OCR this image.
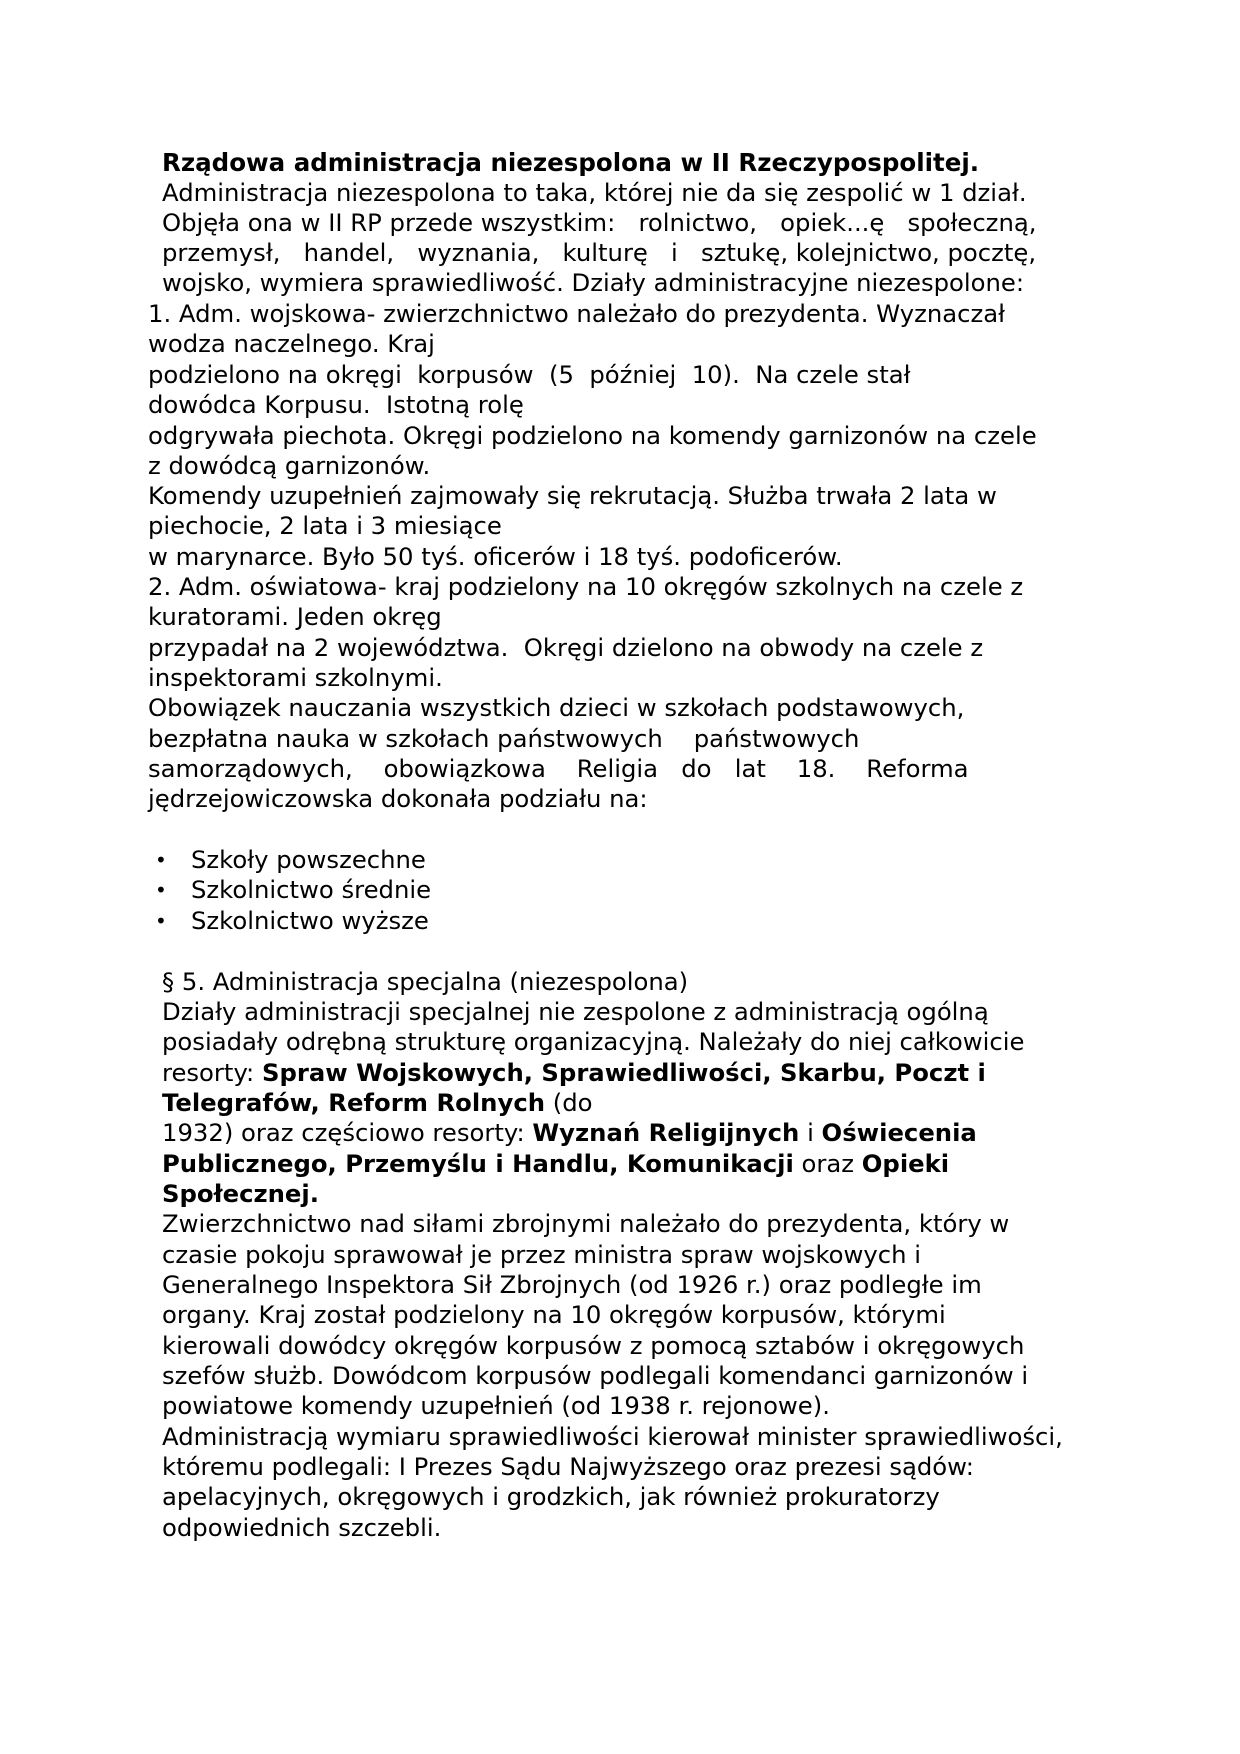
Rządowa administracja niezespolona w II Rzeczypospolitej.

Administracja niezespolona to taka, której nie da się zespolić w 1 dział.

Objęła ona w II RP przede wszystkim:   rolnictwo,   opiek...ę   społeczną,

przemysł,   handel,   wyznania,   kulturę   i   sztukę, kolejnictwo, pocztę,

wojsko, wymiera sprawiedliwość. Działy administracyjne niezespolone:

1. Adm. wojskowa- zwierzchnictwo należało do prezydenta. Wyznaczał

wodza naczelnego. Kraj

podzielono na okręgi  korpusów  (5  później  10).  Na czele stał

dowódca Korpusu.  Istotną rolę

odgrywała piechota. Okręgi podzielono na komendy garnizonów na czele

z dowódcą garnizonów.

Komendy uzupełnień zajmowały się rekrutacją. Służba trwała 2 lata w

piechocie, 2 lata i 3 miesiące

w marynarce. Było 50 tyś. oficerów i 18 tyś. podoficerów.

2. Adm. oświatowa- kraj podzielony na 10 okręgów szkolnych na czele z

kuratorami. Jeden okręg

przypadał na 2 województwa.  Okręgi dzielono na obwody na czele z

inspektorami szkolnymi.

Obowiązek nauczania wszystkich dzieci w szkołach podstawowych,

bezpłatna nauka w szkołach państwowych    państwowych

samorządowych,    obowiązkowa    Religia   do   lat    18.    Reforma

jędrzejowiczowska dokonała podziału na:

• Szkoły powszechne

• Szkolnictwo średnie

• Szkolnictwo wyższe

§ 5. Administracja specjalna (niezespolona)

Działy administracji specjalnej nie zespolone z administracją ogólną

posiadały odrębną strukturę organizacyjną. Należały do niej całkowicie

resorty: Spraw Wojskowych, Sprawiedliwości, Skarbu, Poczt i

Telegrafów, Reform Rolnych (do

1932) oraz częściowo resorty: Wyznań Religijnych i Oświecenia

Publicznego, Przemyślu i Handlu, Komunikacji oraz Opieki

Społecznej.

Zwierzchnictwo nad siłami zbrojnymi należało do prezydenta, który w

czasie pokoju sprawował je przez ministra spraw wojskowych i

Generalnego Inspektora Sił Zbrojnych (od 1926 r.) oraz podległe im

organy. Kraj został podzielony na 10 okręgów korpusów, którymi

kierowali dowódcy okręgów korpusów z pomocą sztabów i okręgowych

szefów służb. Dowódcom korpusów podlegali komendanci garnizonów i

powiatowe komendy uzupełnień (od 1938 r. rejonowe).

Administracją wymiaru sprawiedliwości kierował minister sprawiedliwości,

któremu podlegali: I Prezes Sądu Najwyższego oraz prezesi sądów:

apelacyjnych, okręgowych i grodzkich, jak również prokuratorzy

odpowiednich szczebli.
